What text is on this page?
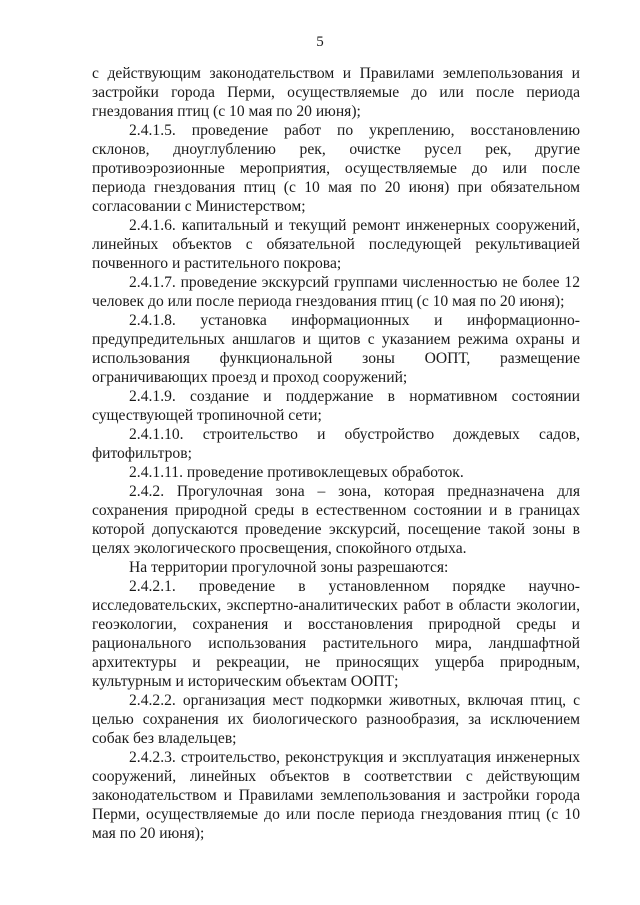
5

с действующим законодательством и Правилами землепользования и застройки города Перми, осуществляемые до или после периода гнездования птиц (с 10 мая по 20 июня);

2.4.1.5. проведение работ по укреплению, восстановлению склонов, дноуглублению рек, очистке русел рек, другие противоэрозионные мероприятия, осуществляемые до или после периода гнездования птиц (с 10 мая по 20 июня) при обязательном согласовании с Министерством;

2.4.1.6. капитальный и текущий ремонт инженерных сооружений, линейных объектов с обязательной последующей рекультивацией почвенного и растительного покрова;

2.4.1.7. проведение экскурсий группами численностью не более 12 человек до или после периода гнездования птиц (с 10 мая по 20 июня);

2.4.1.8. установка информационных и информационно-предупредительных аншлагов и щитов с указанием режима охраны и использования функциональной зоны ООПТ, размещение ограничивающих проезд и проход сооружений;

2.4.1.9. создание и поддержание в нормативном состоянии существующей тропиночной сети;

2.4.1.10. строительство и обустройство дождевых садов, фитофильтров;

2.4.1.11. проведение противоклещевых обработок.

2.4.2. Прогулочная зона – зона, которая предназначена для сохранения природной среды в естественном состоянии и в границах которой допускаются проведение экскурсий, посещение такой зоны в целях экологического просвещения, спокойного отдыха.

На территории прогулочной зоны разрешаются:

2.4.2.1. проведение в установленном порядке научно-исследовательских, экспертно-аналитических работ в области экологии, геоэкологии, сохранения и восстановления природной среды и рационального использования растительного мира, ландшафтной архитектуры и рекреации, не приносящих ущерба природным, культурным и историческим объектам ООПТ;

2.4.2.2. организация мест подкормки животных, включая птиц, с целью сохранения их биологического разнообразия, за исключением собак без владельцев;

2.4.2.3. строительство, реконструкция и эксплуатация инженерных сооружений, линейных объектов в соответствии с действующим законодательством и Правилами землепользования и застройки города Перми, осуществляемые до или после периода гнездования птиц (с 10 мая по 20 июня);
